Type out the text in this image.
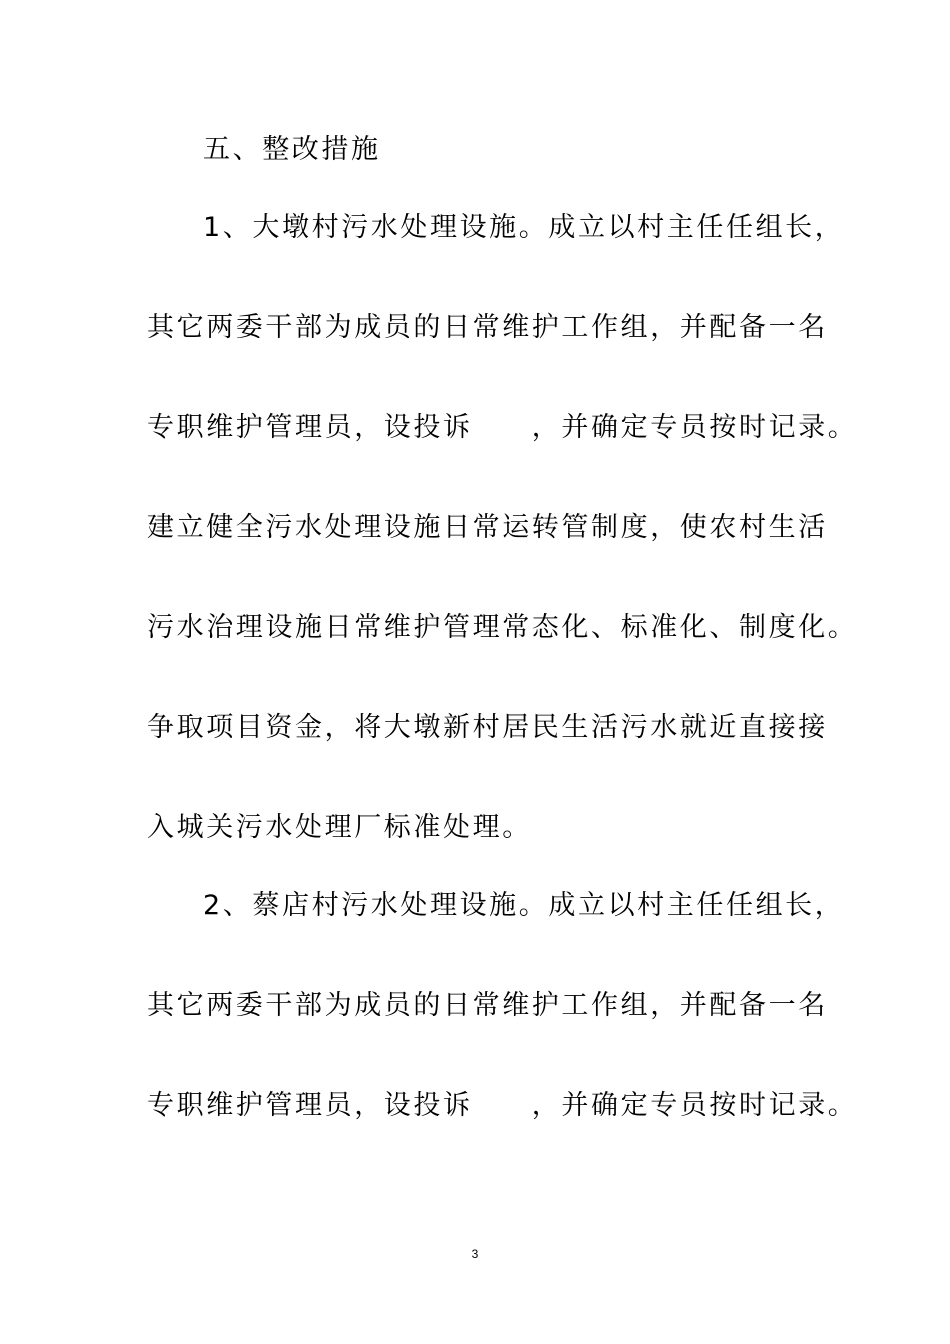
五、整改措施

1、大墩村污水处理设施。成立以村主任任组长，

其它两委干部为成员的日常维护工作组，并配备一名

专职维护管理员，设投诉　　，并确定专员按时记录。

建立健全污水处理设施日常运转管制度，使农村生活

污水治理设施日常维护管理常态化、标准化、制度化。

争取项目资金，将大墩新村居民生活污水就近直接接

入城关污水处理厂标准处理。

2、蔡店村污水处理设施。成立以村主任任组长，

其它两委干部为成员的日常维护工作组，并配备一名

专职维护管理员，设投诉　　，并确定专员按时记录。

3
